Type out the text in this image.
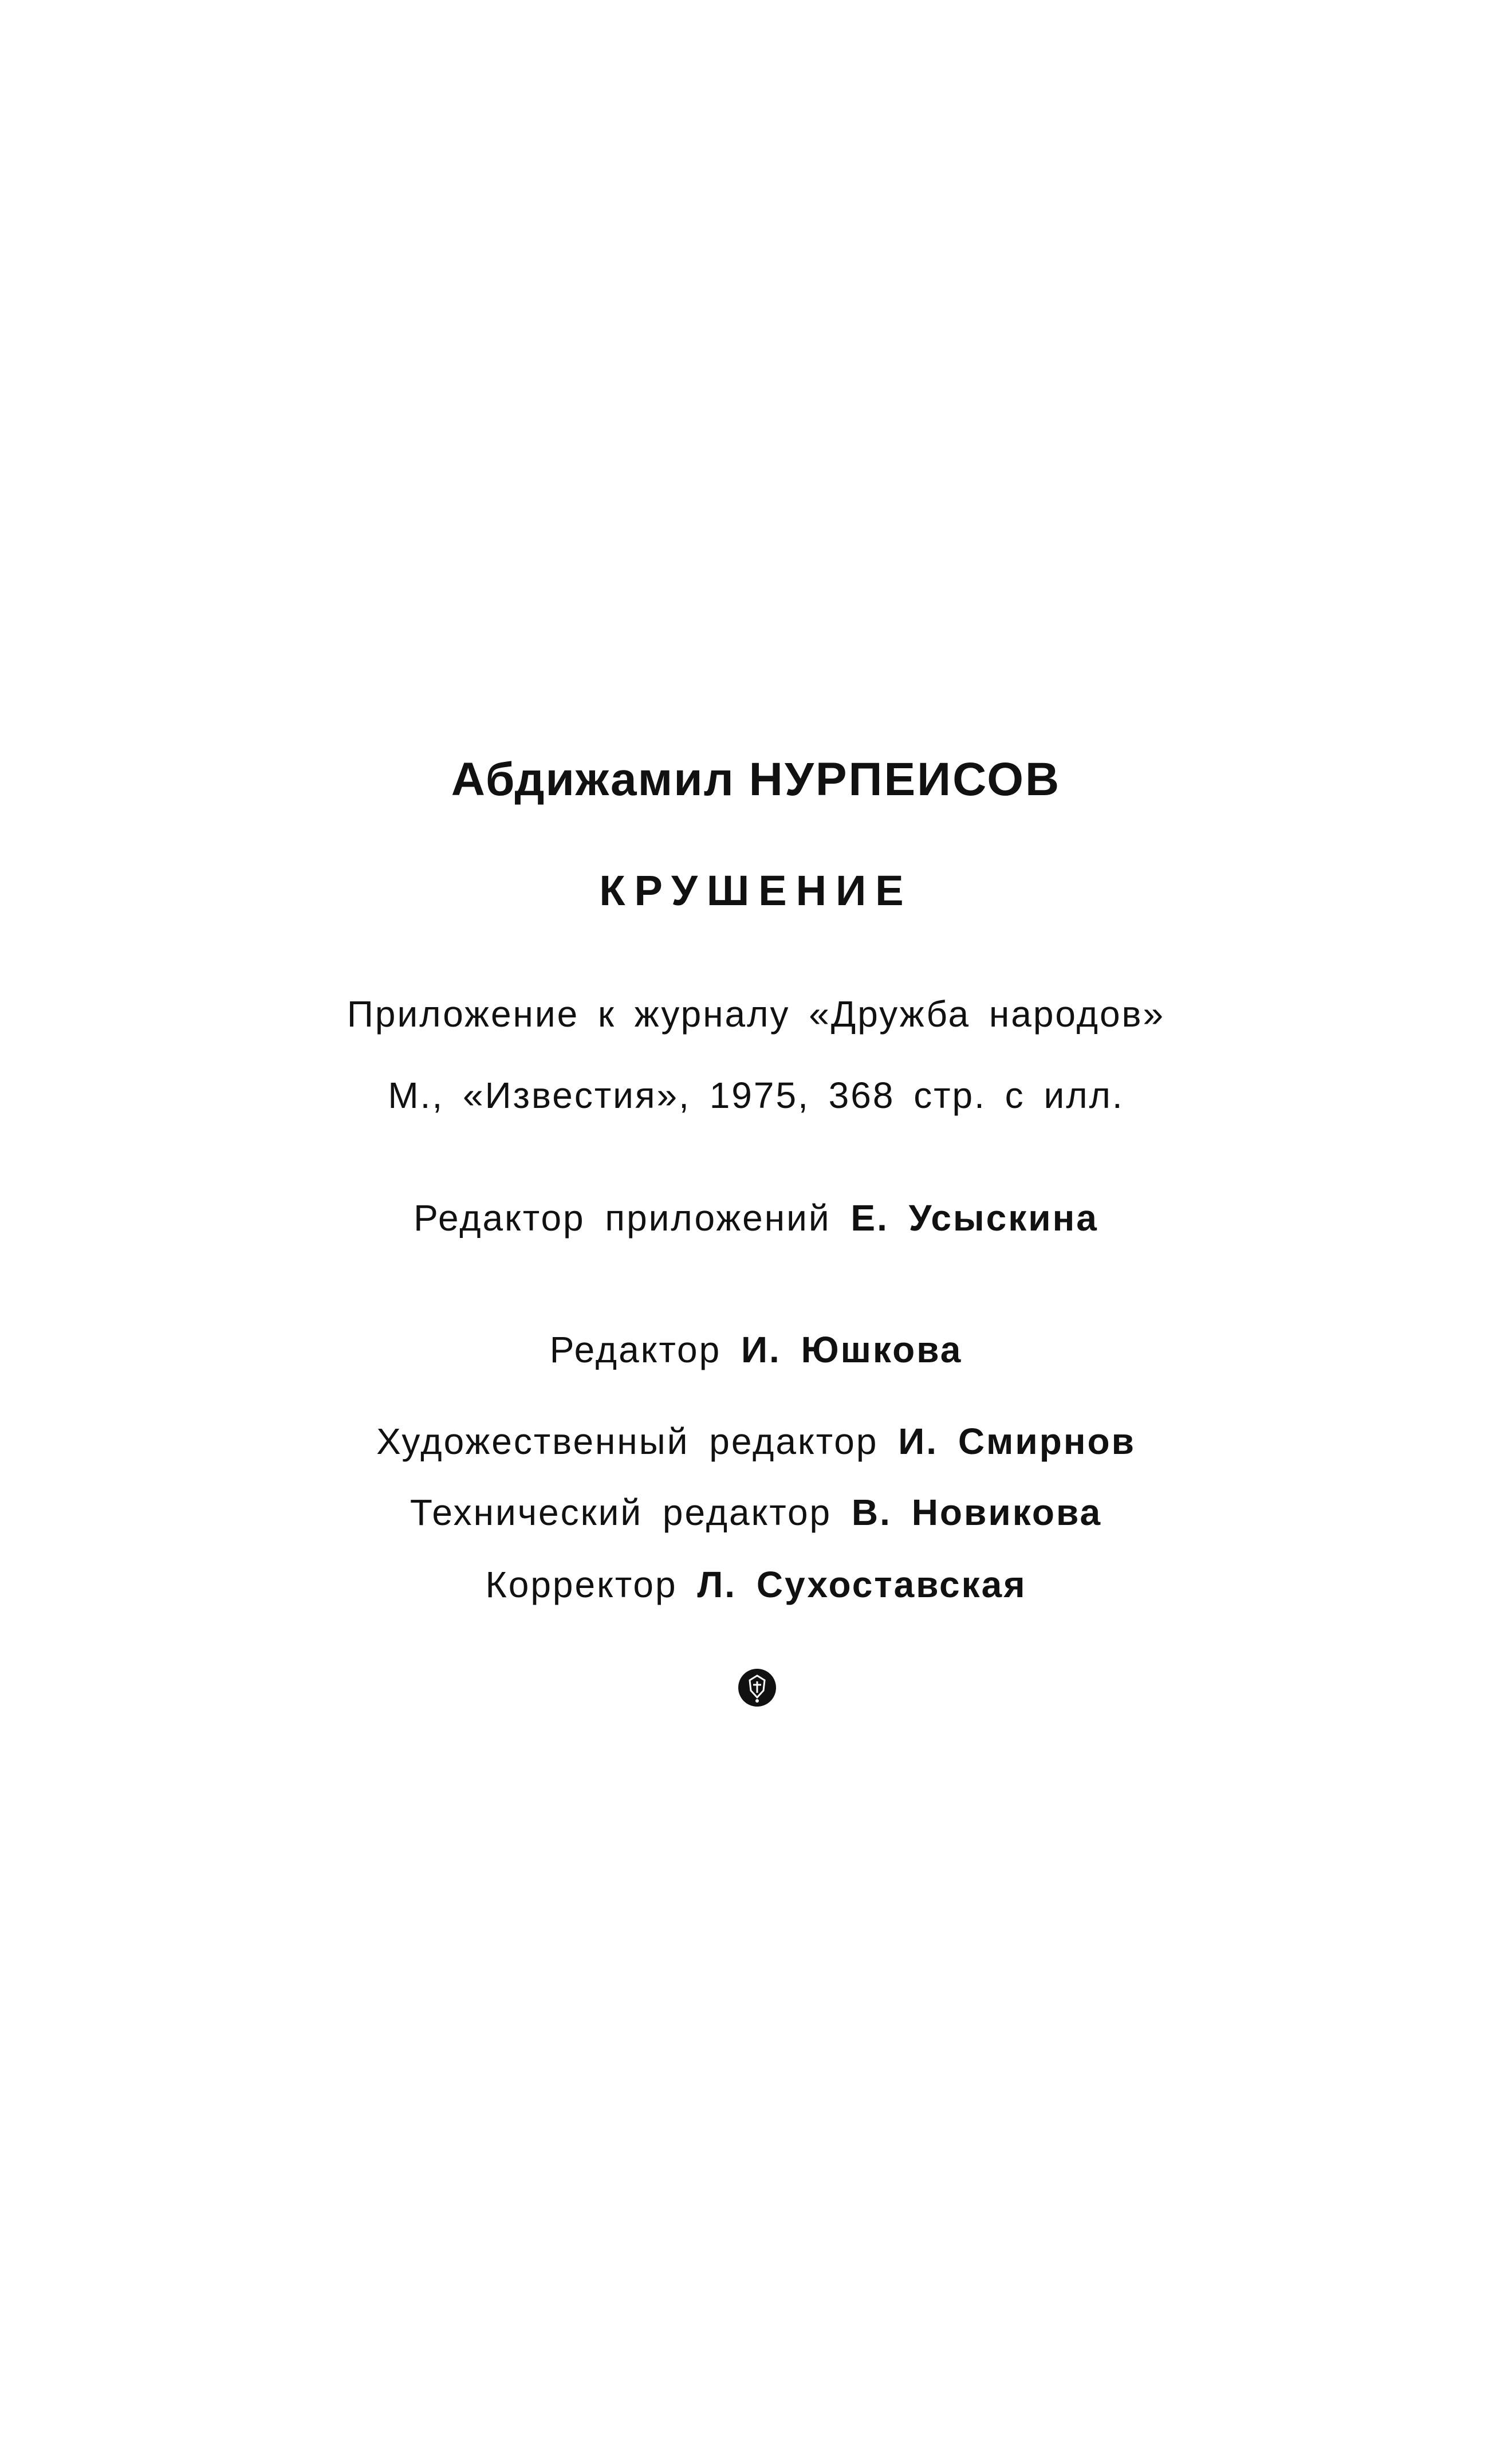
Абдижамил НУРПЕИСОВ
КРУШЕНИЕ
Приложение к журналу «Дружба народов»
М., «Известия», 1975, 368 стр. с илл.
Редактор приложений Е. Усыскина
Редактор И. Юшкова
Художественный редактор И. Смирнов
Технический редактор В. Новикова
Корректор Л. Сухоставская
